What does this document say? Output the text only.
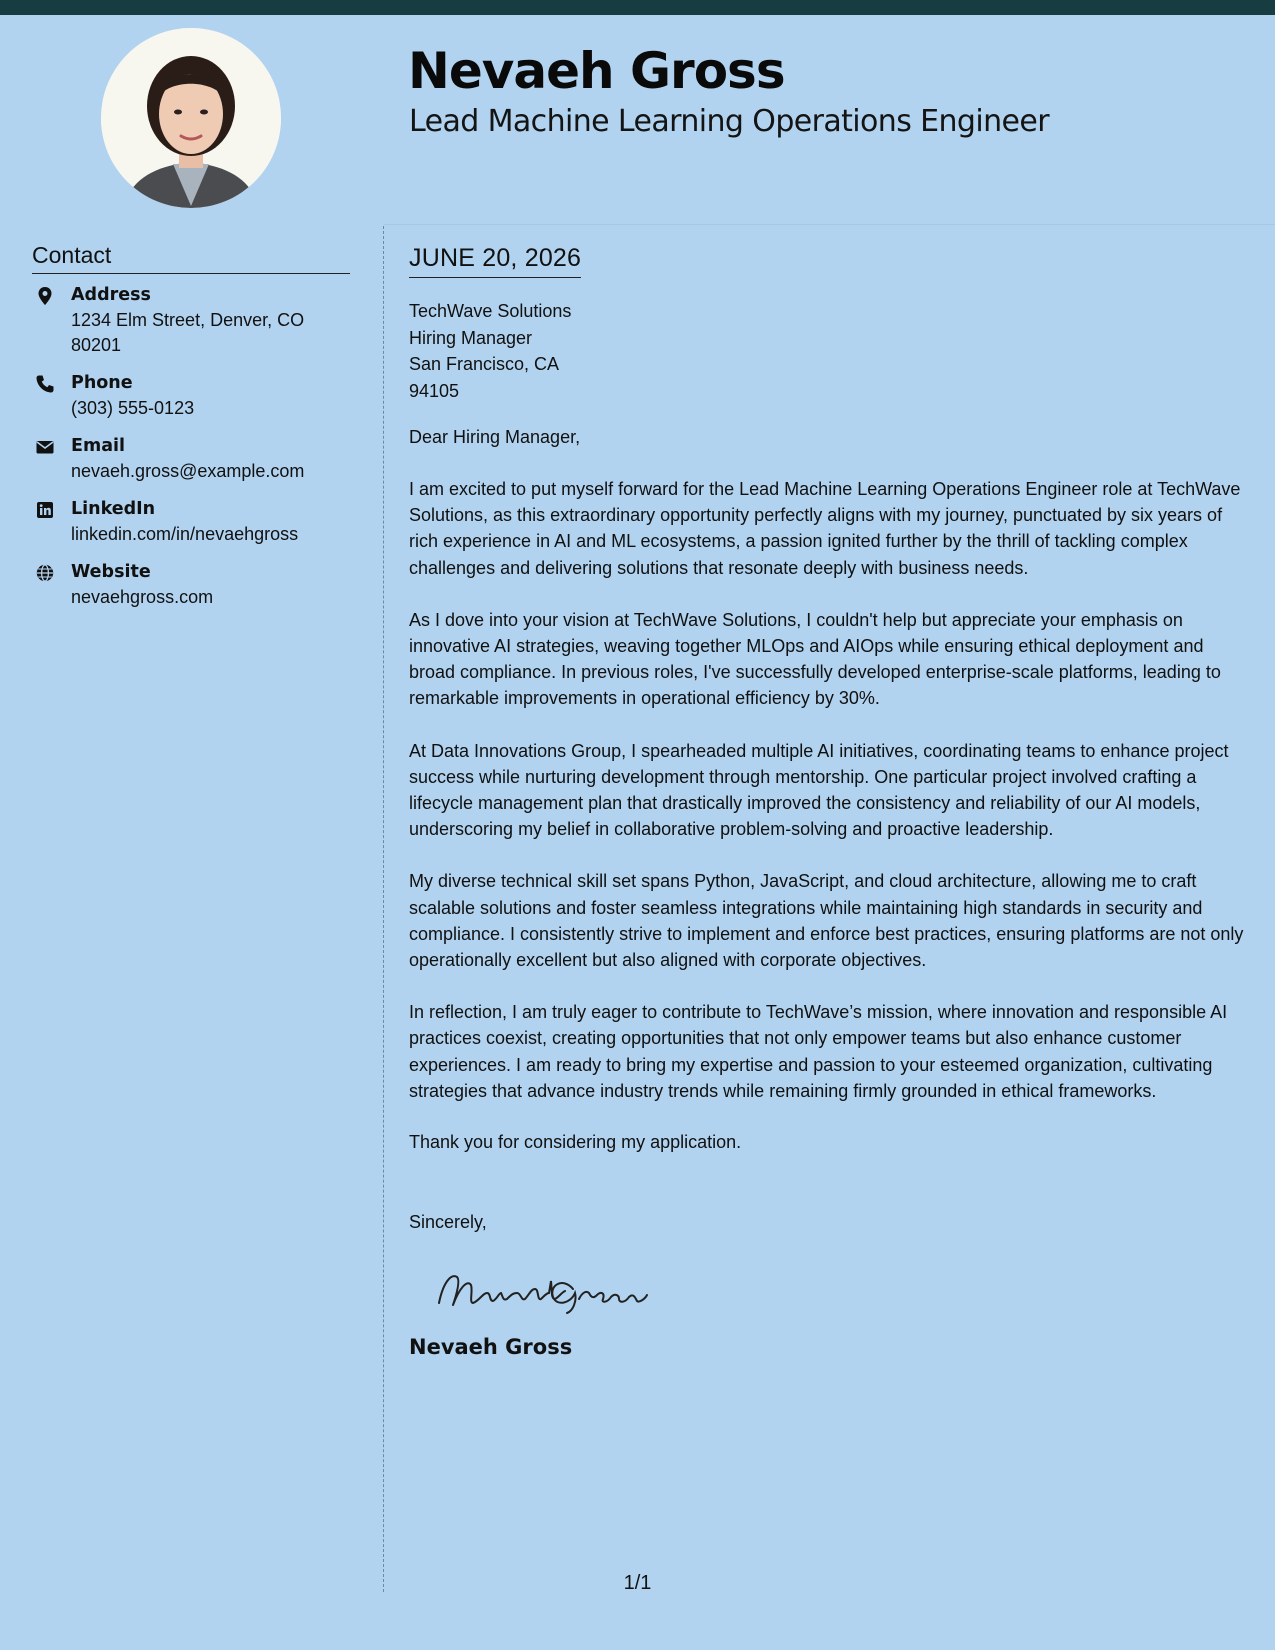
Nevaeh Gross
Lead Machine Learning Operations Engineer
Contact
Address
1234 Elm Street, Denver, CO 80201
Phone
(303) 555-0123
Email
nevaeh.gross@example.com
LinkedIn
linkedin.com/in/nevaehgross
Website
nevaehgross.com
JUNE 20, 2026
TechWave Solutions
Hiring Manager
San Francisco, CA
94105
Dear Hiring Manager,
I am excited to put myself forward for the Lead Machine Learning Operations Engineer role at TechWave Solutions, as this extraordinary opportunity perfectly aligns with my journey, punctuated by six years of rich experience in AI and ML ecosystems, a passion ignited further by the thrill of tackling complex challenges and delivering solutions that resonate deeply with business needs.
As I dove into your vision at TechWave Solutions, I couldn't help but appreciate your emphasis on innovative AI strategies, weaving together MLOps and AIOps while ensuring ethical deployment and broad compliance. In previous roles, I've successfully developed enterprise-scale platforms, leading to remarkable improvements in operational efficiency by 30%.
At Data Innovations Group, I spearheaded multiple AI initiatives, coordinating teams to enhance project success while nurturing development through mentorship. One particular project involved crafting a lifecycle management plan that drastically improved the consistency and reliability of our AI models, underscoring my belief in collaborative problem-solving and proactive leadership.
My diverse technical skill set spans Python, JavaScript, and cloud architecture, allowing me to craft scalable solutions and foster seamless integrations while maintaining high standards in security and compliance. I consistently strive to implement and enforce best practices, ensuring platforms are not only operationally excellent but also aligned with corporate objectives.
In reflection, I am truly eager to contribute to TechWave’s mission, where innovation and responsible AI practices coexist, creating opportunities that not only empower teams but also enhance customer experiences. I am ready to bring my expertise and passion to your esteemed organization, cultivating strategies that advance industry trends while remaining firmly grounded in ethical frameworks.
Thank you for considering my application.
Sincerely,
Nevaeh Gross
1/1
